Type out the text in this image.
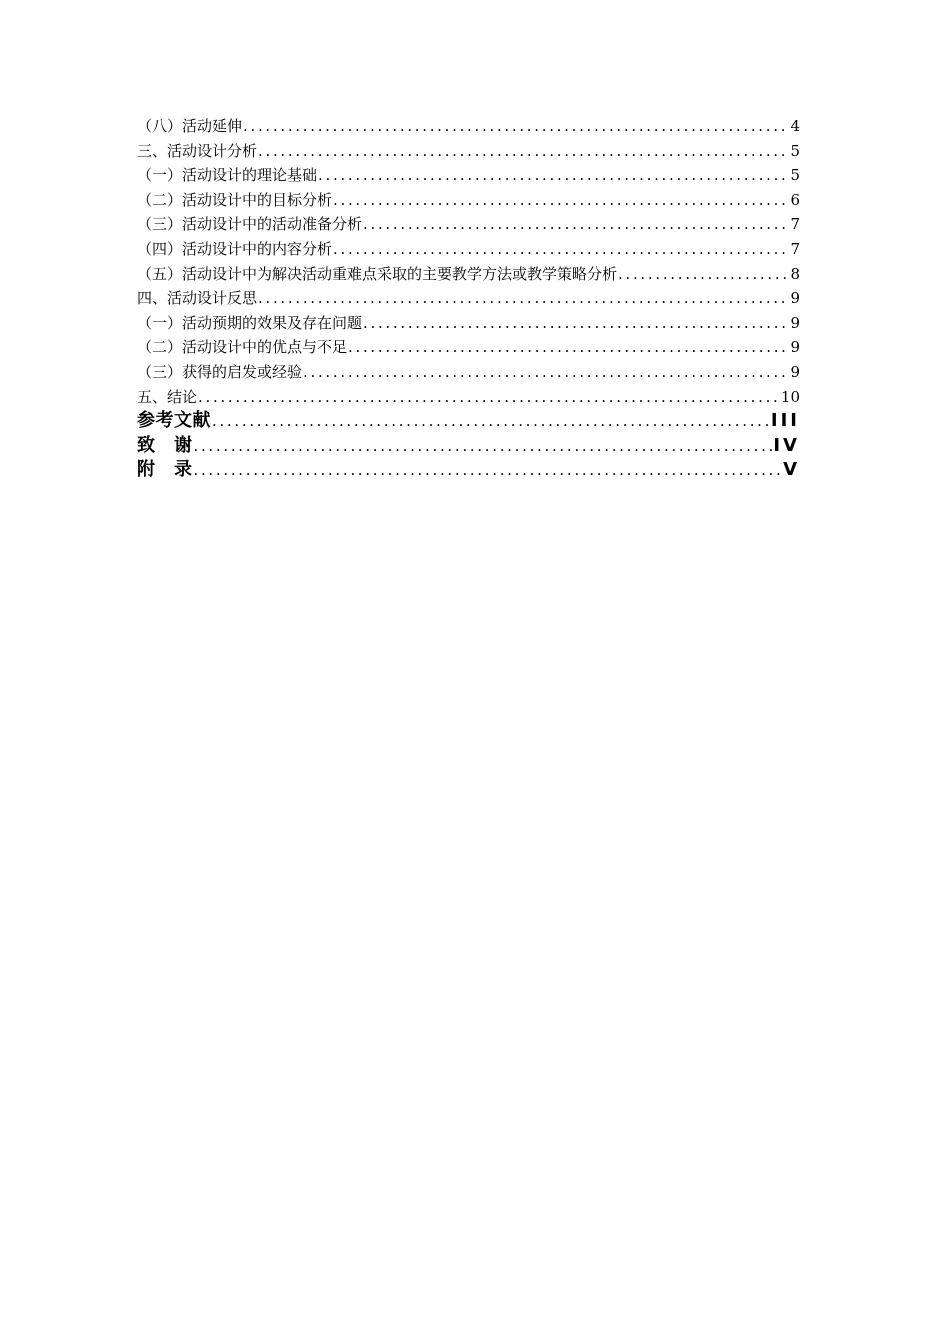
（八）活动延伸 .....	4
三、活动设计分析 .....	5
（一）活动设计的理论基础 .....	5
（二）活动设计中的目标分析 .....	6
（三）活动设计中的活动准备分析 .....	7
（四）活动设计中的内容分析 .....	7
（五）活动设计中为解决活动重难点采取的主要教学方法或教学策略分析 .....	8
四、活动设计反思 .....	9
（一）活动预期的效果及存在问题 .....	9
（二）活动设计中的优点与不足 .....	9
（三）获得的启发或经验 .....	9
五、结论 .....	10
参考文献 .....	III
致　谢 .....	IV
附　录 .....	V
